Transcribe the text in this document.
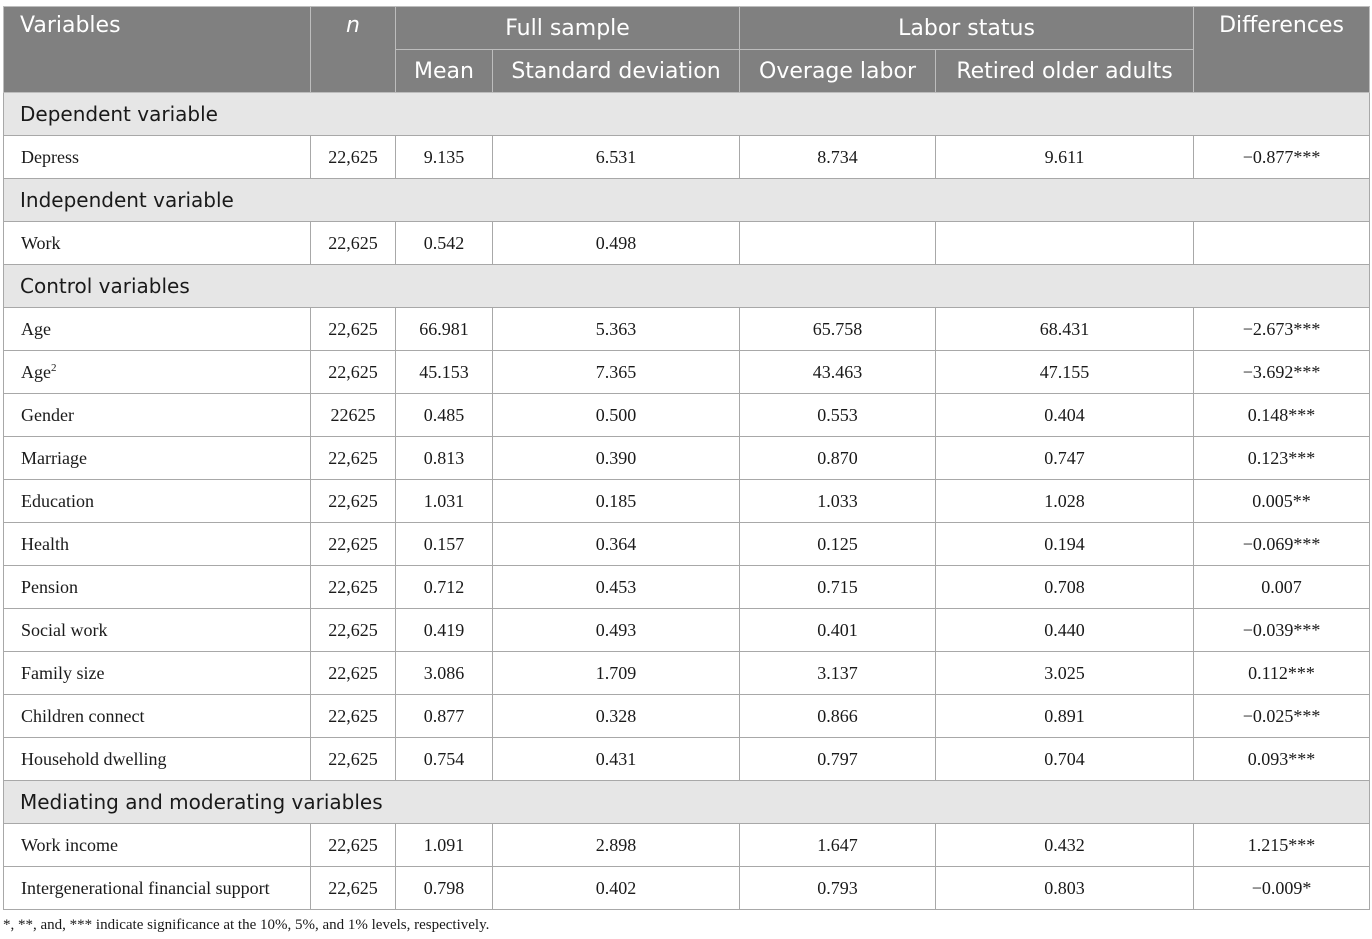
Variables	n	Full sample		Labor status		Differences
		Mean	Standard deviation	Overage labor	Retired older adults	
Dependent variable						
Depress	22,625	9.135	6.531	8.734	9.611	−0.877***
Independent variable						
Work	22,625	0.542	0.498			
Control variables						
Age	22,625	66.981	5.363	65.758	68.431	−2.673***
Age$^2$	22,625	45.153	7.365	43.463	47.155	−3.692***
Gender	22625	0.485	0.500	0.553	0.404	0.148***
Marriage	22,625	0.813	0.390	0.870	0.747	0.123***
Education	22,625	1.031	0.185	1.033	1.028	0.005**
Health	22,625	0.157	0.364	0.125	0.194	−0.069***
Pension	22,625	0.712	0.453	0.715	0.708	0.007
Social work	22,625	0.419	0.493	0.401	0.440	−0.039***
Family size	22,625	3.086	1.709	3.137	3.025	0.112***
Children connect	22,625	0.877	0.328	0.866	0.891	−0.025***
Household dwelling	22,625	0.754	0.431	0.797	0.704	0.093***
Mediating and moderating variables						
Work income	22,625	1.091	2.898	1.647	0.432	1.215***
Intergenerational financial support	22,625	0.798	0.402	0.793	0.803	−0.009*
*, **, and, *** indicate significance at the 10%, 5%, and 1% levels, respectively.
